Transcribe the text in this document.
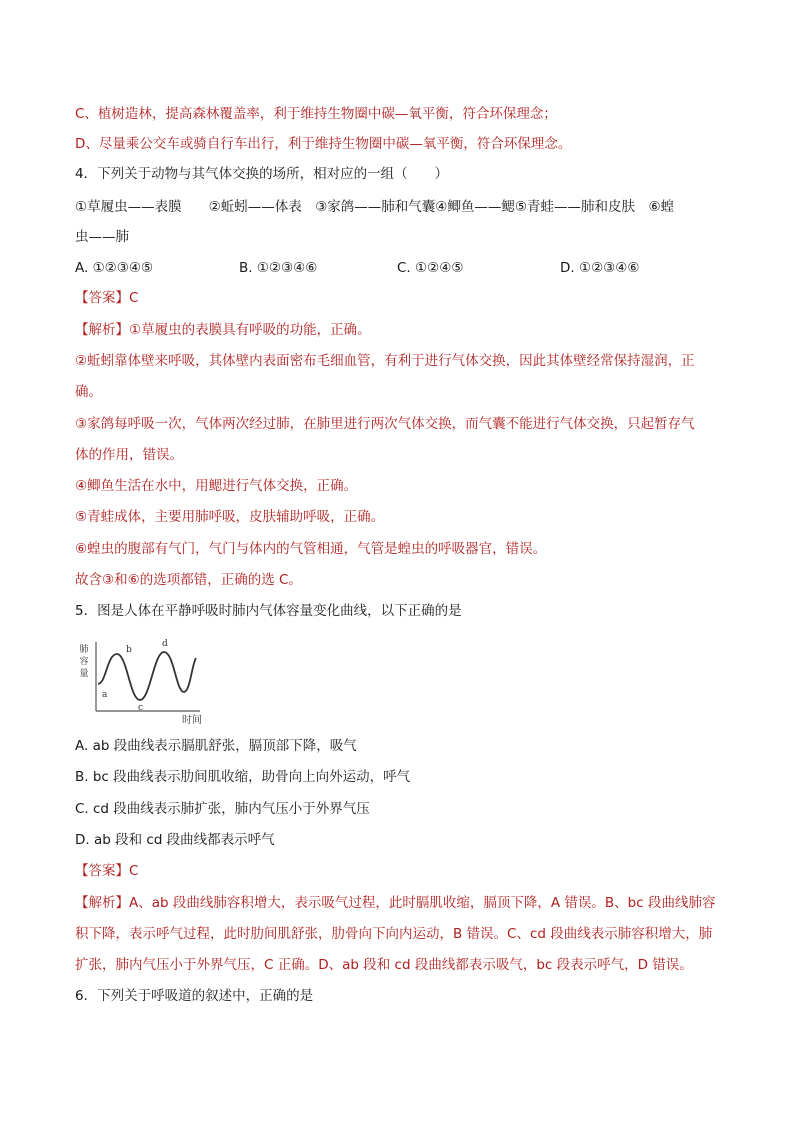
C、植树造林，提高森林覆盖率，利于维持生物圈中碳—氧平衡，符合环保理念；
D、尽量乘公交车或骑自行车出行，利于维持生物圈中碳—氧平衡，符合环保理念。
4．下列关于动物与其气体交换的场所，相对应的一组（　　）
①草履虫——表膜　　②蚯蚓——体表　③家鸽——肺和气囊④鲫鱼——鳃⑤青蛙——肺和皮肤　⑥蝗
虫——肺
A. ①②③④⑤	B. ①②③④⑥	C. ①②④⑤	D. ①②③④⑥
【答案】C
【解析】①草履虫的表膜具有呼吸的功能，正确。
②蚯蚓靠体壁来呼吸，其体壁内表面密布毛细血管，有利于进行气体交换，因此其体壁经常保持湿润，正
确。
③家鸽每呼吸一次，气体两次经过肺，在肺里进行两次气体交换，而气囊不能进行气体交换，只起暂存气
体的作用，错误。
④鲫鱼生活在水中，用鳃进行气体交换，正确。
⑤青蛙成体，主要用肺呼吸，皮肤辅助呼吸，正确。
⑥蝗虫的腹部有气门，气门与体内的气管相通，气管是蝗虫的呼吸器官，错误。
故含③和⑥的选项都错，正确的选 C。
5．图是人体在平静呼吸时肺内气体容量变化曲线，以下正确的是
肺
容
量
a
b
c
d
时间
A. ab 段曲线表示膈肌舒张，膈顶部下降，吸气
B. bc 段曲线表示肋间肌收缩，助骨向上向外运动，呼气
C. cd 段曲线表示肺扩张，肺内气压小于外界气压
D. ab 段和 cd 段曲线都表示呼气
【答案】C
【解析】A、ab 段曲线肺容积增大，表示吸气过程，此时膈肌收缩，膈顶下降，A 错误。B、bc 段曲线肺容
积下降，表示呼气过程，此时肋间肌舒张，肋骨向下向内运动，B 错误。C、cd 段曲线表示肺容积增大，肺
扩张，肺内气压小于外界气压，C 正确。D、ab 段和 cd 段曲线都表示吸气，bc 段表示呼气，D 错误。
6．下列关于呼吸道的叙述中，正确的是
